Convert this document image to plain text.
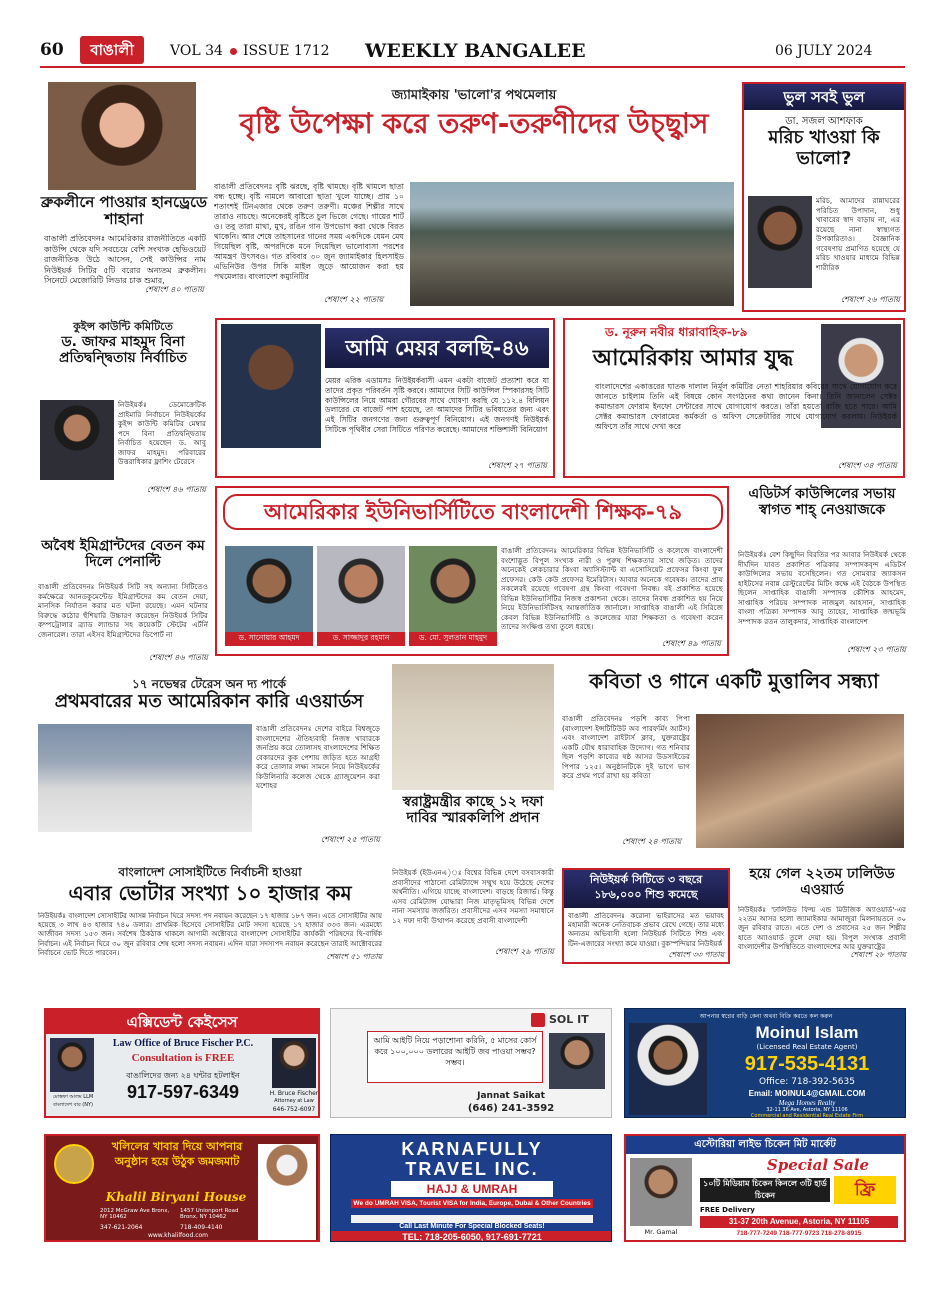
60	বাঙালী	VOL 34 ISSUE 1712 WEEKLY BANGALEE	06 JULY 2024
ব্রুকলীনে পাওয়ার হানড্রেডে শাহানা
বাঙালী প্রতিবেদনঃ আমেরিকার রাজনীতিতে একটি কাউন্সি থেকে যদি সবচেয়ে বেশি সংখ্যক হেভিওয়েট রাজনীতিক উঠে আসেন, সেই কাউন্সির নাম নিউইয়র্ক সিটির ৫টি বরোর অন্যতম ব্রুকলীন। সিনেটে মেজোরিটি লিডার চাক শুমার,
শেষাংশ ৪০ পাতায়
জ্যামাইকায় 'ভালো'র পথমেলায়
বৃষ্টি উপেক্ষা করে তরুণ-তরুণীদের উচ্ছ্বাস
বাঙালী প্রতিবেদনঃ বৃষ্টি ঝরছে, বৃষ্টি থামছে। বৃষ্টি থামলে ছাতা বন্ধ হচ্ছে। বৃষ্টি নামলে আবারো ছাতা খুলে যাচ্ছে। প্রায় ১০ শতাংশই টিনএজার থেকে তরুণ তরুণী। মঞ্চের শিল্পীর সাথে তারাও নাচছে। অনেকেরই বৃষ্টিতে চুল ভিজে গেছে। গায়ের শার্ট ও। তবু তারা মাথা, মুখ, রঙিন গান উপভোগ করা থেকে বিরত থাকেনি। আর শেষে তাহসানের গানের সময় একদিকে যেমন মেঘ গিয়েছিল বৃষ্টি, অপরদিকে মনে দিয়েছিল ভালোবাসা পরশের আমন্ত্রণ উৎসবও। গত রবিবার ৩০ জুন জ্যামাইকার হিলসাইড এভিনিউর উপর সিকি মাইল জুড়ে আয়োজন করা হয় পথমেলার। বাংলাদেশ কম্যুনিটির
শেষাংশ ২২ পাতায়
ভুল সবই ভুল
ডা. সজল আশফাক
মরিচ খাওয়া কি ভালো?
মরিচ, আমাদের রান্নাঘরের পরিচিত উপাদান, শুধু খাবারের স্বাদ বাড়ায় না, এর রয়েছে নানা স্বাস্থ্যগত উপকারিতাও। বৈজ্ঞানিক গবেষণায় প্রমাণিত হয়েছে যে মরিচ খাওয়ার মাধ্যমে বিভিন্ন শারীরিক
শেষাংশ ২৬ পাতায়
কুইন্স কাউন্টি কমিটিতে
ড. জাফর মাহমুদ বিনা প্রতিদ্বন্দ্বিতায় নির্বাচিত
নিউইয়র্কঃ ডেমোক্রেটিক প্রাইমারি নির্বাচনে নিউইয়র্কের কুইন্স কাউন্টি কমিটির মেম্বার পদে বিনা প্রতিদ্বন্দ্বিতায় নির্বাচিত হয়েছেন ড. আবু জাফর মাহমুদ। পরিবারের উত্তরাধিকার ফ্লাশিং টেরেসে
শেষাংশ ৪৬ পাতায়
আমি মেয়র বলছি-৪৬
মেয়র এরিক এডামসঃ নিউইয়র্কবাসী এমন একটা বাজেট প্রত্যাশা করে যা তাদের প্রকৃত পরিবর্তন সৃষ্টি করবে। আমাদের সিটি কাউন্সিল স্পিকারসহ সিটি কাউন্সিলের নিয়ে আমরা গৌরবের সাথে ঘোষণা করছি যে ১১২.৪ বিলিয়ন ডলারের যে বাজেট পাশ হয়েছে, তা আমাদের সিটির ভবিষ্যতের জন্য এবং এই সিটির জনগণের জন্য গুরুত্বপূর্ণ বিনিয়োগ। এই জনগণই নিউইয়র্ক সিটিকে পৃথিবীর সেরা সিটিতে পরিণত করেছে। আমাদের শক্তিশালী বিনিয়োগ
শেষাংশ ২৭ পাতায়
ড. নূরুন নবীর ধারাবাহিক-৮৯
আমেরিকায় আমার যুদ্ধ
বাংলাদেশের একাত্তরের ঘাতক দালাল নির্মূল কমিটির নেতা শাহরিয়ার কবিরের সাথে যোগাযোগ করে জানতে চাইলাম তিনি এই বিষয়ে কোন সংগঠনের কথা জানেন কিনা। তিনি জানালেন সেক্টর কমান্ডারস ফোরাম ইনফো সেন্টারের সাথে যোগাযোগ করতে। তাঁরা হয়তো রাজি হতে পারে। আমি সেক্টর কমান্ডারস ফোরামের কর্মকর্তা ও অফিস সেক্রেটারির সাথে যোগাযোগ করলাম। নিউইয়র্ক অফিসে তাঁর সাথে দেখা করে
শেষাংশ ৩৪ পাতায়
আমেরিকার ইউনিভার্সিটিতে বাংলাদেশী শিক্ষক-৭৯
ড. সানোয়ার আহমদ	ড. সাজ্জাদুর রহমান	ড. মো. সুলতান মাহমুদ
বাঙালী প্রতিবেদনঃ আমেরিকার বিভিন্ন ইউনিভার্সিটি ও কলেজে বাংলাদেশী বংশোদ্ভূত বিপুল সংখ্যক নারী ও পুরুষ শিক্ষকতার সাথে জড়িত। তাদের অনেকেই লেকচারার কিংবা অ্যাসিস্ট্যান্ট বা এসোসিয়েট প্রফেসর কিংবা ফুল প্রফেসর। কেউ কেউ প্রফেসর ইমেরিটাস। আবার অনেকে গবেষক। তাদের প্রায় সকলেরই রয়েছে গবেষণা গ্রন্থ কিংবা গবেষণা নিবন্ধ। বই প্রকাশিত হয়েছে বিভিন্ন ইউনিভার্সিটির নিজস্ব প্রকাশনা থেকে। তাদের নিবন্ধ প্রকাশিত হয় নিয়ে নিয়ে ইউনিভার্সিটিসহ আন্তর্জাতিক জার্নালে। সাপ্তাহিক বাঙালী এই সিরিজে কেবল বিভিন্ন ইউনিভার্সিটি ও কলেজের যারা শিক্ষকতা ও গবেষণা করেন তাদের সংক্ষিপ্ত তথ্য তুলে ধরছে।
শেষাংশ ৪৯ পাতায়
এডিটর্স কাউন্সিলের সভায় স্বাগত শাহ্ নেওয়াজকে
নিউইয়র্কঃ বেশ কিছুদিন বিরতির পর আবার নিউইয়র্ক থেকে দীর্ঘদিন যাবত প্রকাশিত পত্রিকার সম্পাদকবৃন্দ এডিটর্স কাউন্সিলের সভায় বসেছিলেন। গত সোমবার জ্যাকসন হাইটসের নবান্ন রেস্টুরেন্টের মিটিং কক্ষে এই বৈঠকে উপস্থিত ছিলেন সাপ্তাহিক বাঙালী সম্পাদক কৌশিক আহমেদ, সাপ্তাহিক পরিচয় সম্পাদক নাজমুল আহসান, সাপ্তাহিক বাংলা পত্রিকা সম্পাদক আবু তাহের, সাপ্তাহিক জন্মভূমি সম্পাদক রতন তালুকদার, সাপ্তাহিক বাংলাদেশ
শেষাংশ ২৩ পাতায়
অবৈধ ইমিগ্রান্টদের বেতন কম দিলে পেনাল্টি
বাঙালী প্রতিবেদনঃ নিউইয়র্ক সিটি সহ অন্যান্য সিটিতেও কর্মক্ষেত্রে আনডকুমেন্টেড ইমিগ্রান্টদের কম বেতন দেয়া, মানসিক নির্যাতন করার মত ঘটনা রয়েছে। এমন ঘটনার বিরুদ্ধে কঠোর হুঁশিয়ারি উচ্চারণ করেছেন নিউইয়র্ক সিটির কম্পট্রোলার ব্র্যাড ল্যান্ডার সহ কয়েকটি স্টেটের এর্টর্নি জেনারেল। তারা এইসব ইমিগ্রান্টদের ডিপোর্ট না
শেষাংশ ৪৬ পাতায়
১৭ নভেম্বর টেরেস অন দ্য পার্কে
প্রথমবারের মত আমেরিকান কারি এওয়ার্ডস
বাঙালী প্রতিবেদনঃ দেশের বাইরে বিশ্বজুড়ে বাংলাদেশের ঐতিহ্যবাহী নিজস্ব খাবারকে জনপ্রিয় করে তোলাসহ বাংলাদেশের শিক্ষিত বেকারদের কুক পেশায় জড়িত হতে আগ্রহী করে তোলার লক্ষ্য সামনে নিয়ে নিউইয়র্কের কিউলিনারি কলেজ থেকে গ্র্যাজুয়েশন করা যশোহর
শেষাংশ ২৫ পাতায়
স্বরাষ্ট্রমন্ত্রীর কাছে ১২ দফা দাবির স্মারকলিপি প্রদান
নিউইয়র্ক (ইউএনএ)ঃ বিশ্বের বিভিন্ন দেশে বসবাসকারী প্রবাসীদের পাঠানো রেমিট্যান্সে সম্মুখ হয়ে উঠেছে দেশের অর্থনীতি। এগিয়ে যাচ্ছে বাংলাদেশ। বাড়ছে রিজার্ভ। কিন্তু এসব রেমিট্যান্স যোদ্ধারা নিজ মাতৃভূমিসহ বিভিন্ন দেশে নানা সমস্যায় জর্জরিত। প্রবাসীদের এসব সমস্যা সমাধানে ১২ দফা দাবী উত্থাপন করেছে প্রবাসী বাংলাদেশী
শেষাংশ ২৯ পাতায়
কবিতা ও গানে একটি মুত্তালিব সন্ধ্যা
বাঙালী প্রতিবেদনঃ পড়শি কাব্য পিপা (বাংলাদেশ ইন্সটিটিউট অব পারফর্মিং আর্টস) এবং বাংলাদেশ রাইটার্স ক্লাব, যুক্তরাষ্ট্রের একটি যৌথ ধারাবাহিক উদ্যোগ। গত শনিবার ছিল পড়শি কাব্যের ষষ্ঠ আসর উডসাইডের পিপার ১২৫। অনুষ্ঠানটিকে দুই ভাগে ভাগ করে প্রথম পর্বে রাখা হয় কবিতা
শেষাংশ ২৪ পাতায়
বাংলাদেশ সোসাইটিতে নির্বাচনী হাওয়া
এবার ভোটার সংখ্যা ১০ হাজার কম
নিউইয়র্কঃ বাংলাদেশ সোসাইটির আসন্ন নির্বাচন ঘিরে সদস্য পদ নবায়ন করেছেন ১৭ হাজার ১৮৭ জন। এতে সোসাইটির আয় হয়েছে ৩ লাখ ৪৩ হাজার ৭৪০ ডলার। প্রাথমিক হিসেবে সোসাইটির মোট সদস্য হয়েছে ১৭ হাজার ৩৩৩ জন। এরমধ্যে আজীবন সদস্য ১৫৩ জন। সর্বশেষ ঠিকঠাক থাকলে আগামী অক্টোবরে বাংলাদেশ সোসাইটির কার্যকরী পরিষদের দ্বি-বার্ষিক নির্বাচন। এই নির্বাচন ঘিরে ৩০ জুন রবিবার শেষ হলো সদস্য নবায়ন। এদিন যারা সদস্যপদ নবায়ন করেছেন তারাই আক্টোবরের নির্বাচনে ভোট দিতে পারবেন।	শেষাংশ ৫১ পাতায়
নিউইয়র্ক সিটিতে ৩ বছরে ১৮৬,০০০ শিশু কমেছে
বাঙালী প্রতিবেদনঃ করোনা ভাইরাসের মত ভয়াবহ মহামারী অনেক নেতিবাচক প্রভাব রেখে গেছে। তার মধ্যে অন্যতম অভিবাসী হলো নিউইয়র্ক সিটিতে শিশু এবং টিন-এজারের সংখ্যা কমে যাওয়া। বুকস্পন্দিয়ার নিউইয়র্ক
শেষাংশ ৩৩ পাতায়
হয়ে গেল ২২তম ঢালিউড এওয়ার্ড
নিউইয়র্কঃ 'ঢালিউড ফিল্ম এন্ড মিউজিক অ্যাওয়ার্ড'-এর ২২তম আসর হলো জ্যামাইকার আমাজুরা মিলনায়তনে ৩০ জুন রবিবার রাতে। এতে দেশ ও প্রবাসের ২৫ জন শিল্পীর হাতে অ্যাওয়ার্ড তুলে দেয়া হয়। বিপুল সংখ্যক প্রবাসী বাংলাদেশীর উপস্থিতিতে বাংলাদেশের আর যুক্তরাষ্ট্রের
শেষাংশ ২৮ পাতায়
এক্সিডেন্ট কেইসেস
Law Office of Bruce Fischer P.C.
Consultation is FREE
বাঙালিদের জন্য ২৪ ঘন্টার হটলাইন
917-597-6349
মোস্তফা আলম LLM বাংলাদেশ বার (NY)
H. Bruce Fischer
Attorney at Law
646-752-6097
SOL IT
আমি আইটি নিয়ে পড়াশোনা করিনি, ৫ মাসের কোর্স করে ১০০,০০০ ডলারের আইটি জব পাওয়া সম্ভব? সম্ভব।
Jannat Saikat
(646) 241-3592
আপনার স্বপ্নের বাড়ি কেনা অথবা বিক্রি করতে কল করুন
Moinul Islam
(Licensed Real Estate Agent)
917-535-4131
Office: 718-392-5635
Email: MOINUL4@GMAIL.COM
Mega Homes Realty
32-11 36 Ave, Astoria, NY 11106
Commercial and Residential Real Estate Firm
খলিলের খাবার দিয়ে আপনার অনুষ্ঠান হয়ে উঠুক জমজমাট
Khalil Biryani House
2012 McGraw Ave Bronx, NY 10462
1457 Unionport Road Bronx, NY 10462
347-621-2064	718-409-4140
www.khalilfood.com
KARNAFULLY
TRAVEL INC.
HAJJ & UMRAH
We do UMRAH VISA, Tourist VISA for India, Europe, Dubai & Other Countries
Call Last Minute For Special Blocked Seats!
TEL: 718-205-6050, 917-691-7721
এস্টোরিয়া লাইভ চিকেন মিট মার্কেট
Special Sale
Mr. Gamal
১০টি মিডিয়াম চিকেন কিনলে ৩টি হার্ড চিকেন	ফ্রি
FREE Delivery
31-37 20th Avenue, Astoria, NY 11105
718-777-7249 718-777-9723 718-278-8915
